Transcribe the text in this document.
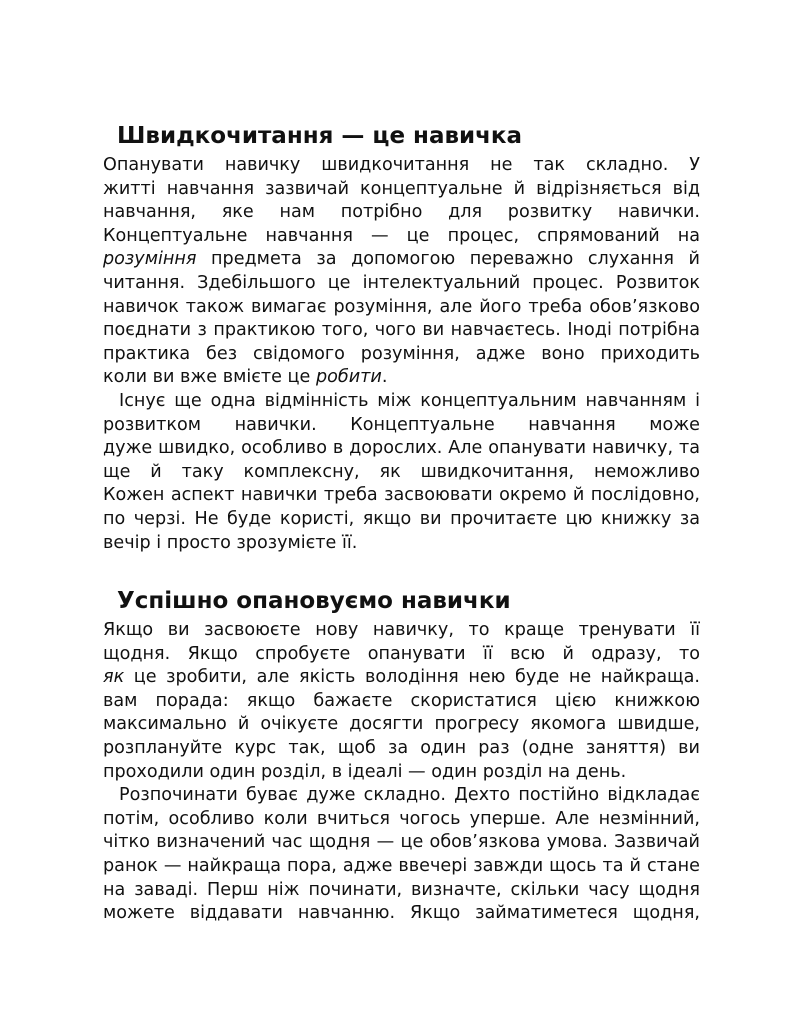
Швидкочитання — це навичка
Опанувати навичку швидкочитання не так складно. У
житті навчання зазвичай концептуальне й відрізняється від
навчання, яке нам потрібно для розвитку навички.
Концептуальне навчання — це процес, спрямований на
розуміння предмета за допомогою переважно слухання й
читання. Здебільшого це інтелектуальний процес. Розвиток
навичок також вимагає розуміння, але його треба обов’язково
поєднати з практикою того, чого ви навчаєтесь. Іноді потрібна
практика без свідомого розуміння, адже воно приходить
коли ви вже вмієте це робити.
Існує ще одна відмінність між концептуальним навчанням і
розвитком навички. Концептуальне навчання може
дуже швидко, особливо в дорослих. Але опанувати навичку, та
ще й таку комплексну, як швидкочитання, неможливо
Кожен аспект навички треба засвоювати окремо й послідовно,
по черзі. Не буде користі, якщо ви прочитаєте цю книжку за
вечір і просто зрозумієте її.
Успішно опановуємо навички
Якщо ви засвоюєте нову навичку, то краще тренувати її
щодня. Якщо спробуєте опанувати її всю й одразу, то
як це зробити, але якість володіння нею буде не найкраща.
вам порада: якщо бажаєте скористатися цією книжкою
максимально й очікуєте досягти прогресу якомога швидше,
розплануйте курс так, щоб за один раз (одне заняття) ви
проходили один розділ, в ідеалі — один розділ на день.
Розпочинати буває дуже складно. Дехто постійно відкладає
потім, особливо коли вчиться чогось уперше. Але незмінний,
чітко визначений час щодня — це обов’язкова умова. Зазвичай
ранок — найкраща пора, адже ввечері завжди щось та й стане
на заваді. Перш ніж починати, визначте, скільки часу щодня
можете віддавати навчанню. Якщо займатиметеся щодня,
